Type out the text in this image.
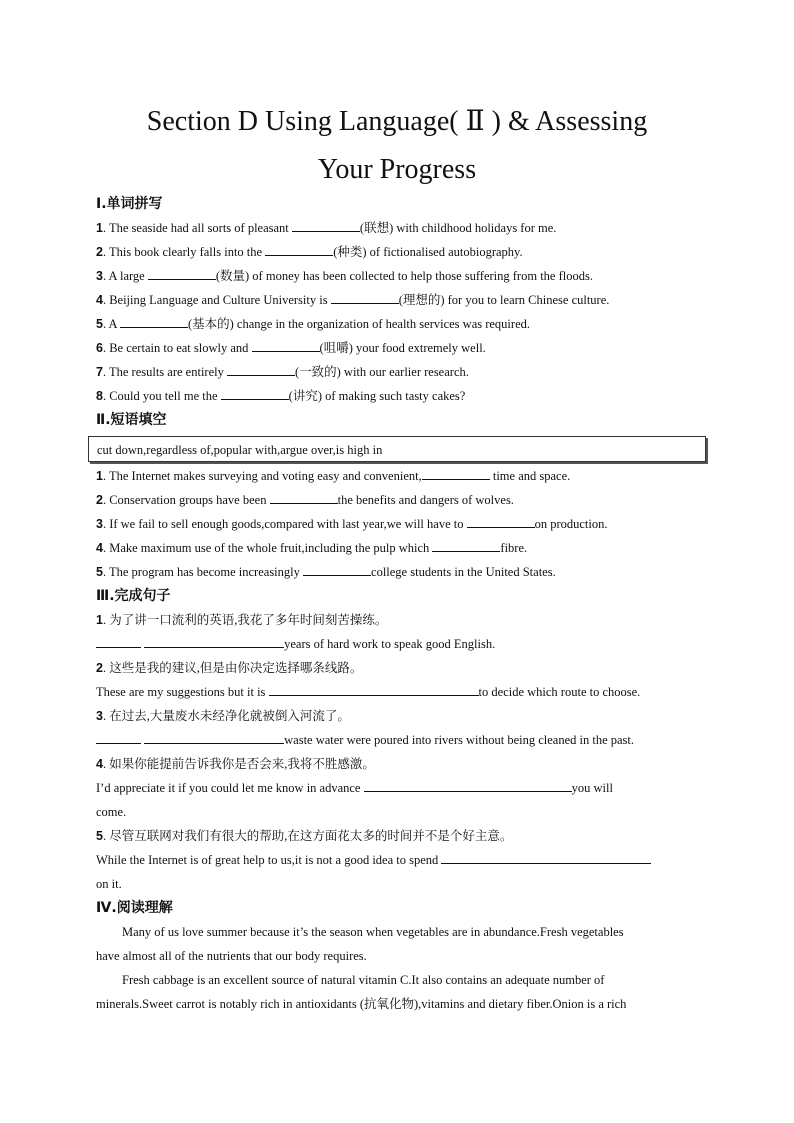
Section D Using Language( Ⅱ ) & Assessing
Your Progress
Ⅰ.单词拼写
1. The seaside had all sorts of pleasant	(联想) with childhood holidays for me.
2. This book clearly falls into the	(种类) of fictionalised autobiography.
3. A large	(数量) of money has been collected to help those suffering from the floods.
4. Beijing Language and Culture University is	(理想的) for you to learn Chinese culture.
5. A	(基本的) change in the organization of health services was required.
6. Be certain to eat slowly and	(咀嚼) your food extremely well.
7. The results are entirely	(一致的) with our earlier research.
8. Could you tell me the	(讲究) of making such tasty cakes?
Ⅱ.短语填空
cut down,regardless of,popular with,argue over,is high in
1. The Internet makes surveying and voting easy and convenient,	time and space.
2. Conservation groups have been	the benefits and dangers of wolves.
3. If we fail to sell enough goods,compared with last year,we will have to	on production.
4. Make maximum use of the whole fruit,including the pulp which	fibre.
5. The program has become increasingly	college students in the United States.
Ⅲ.完成句子
1. 为了讲一口流利的英语,我花了多年时间刻苦操练。
years of hard work to speak good English.
2. 这些是我的建议,但是由你决定选择哪条线路。
These are my suggestions but it is	to decide which route to choose.
3. 在过去,大量废水未经净化就被倒入河流了。
waste water were poured into rivers without being cleaned in the past.
4. 如果你能提前告诉我你是否会来,我将不胜感激。
I’d appreciate it if you could let me know in advance	you will
come.
5. 尽管互联网对我们有很大的帮助,在这方面花太多的时间并不是个好主意。
While the Internet is of great help to us,it is not a good idea to spend
on it.
Ⅳ.阅读理解
Many of us love summer because it’s the season when vegetables are in abundance.Fresh vegetables
have almost all of the nutrients that our body requires.
Fresh cabbage is an excellent source of natural vitamin C.It also contains an adequate number of
minerals.Sweet carrot is notably rich in antioxidants (抗氧化物),vitamins and dietary fiber.Onion is a rich
